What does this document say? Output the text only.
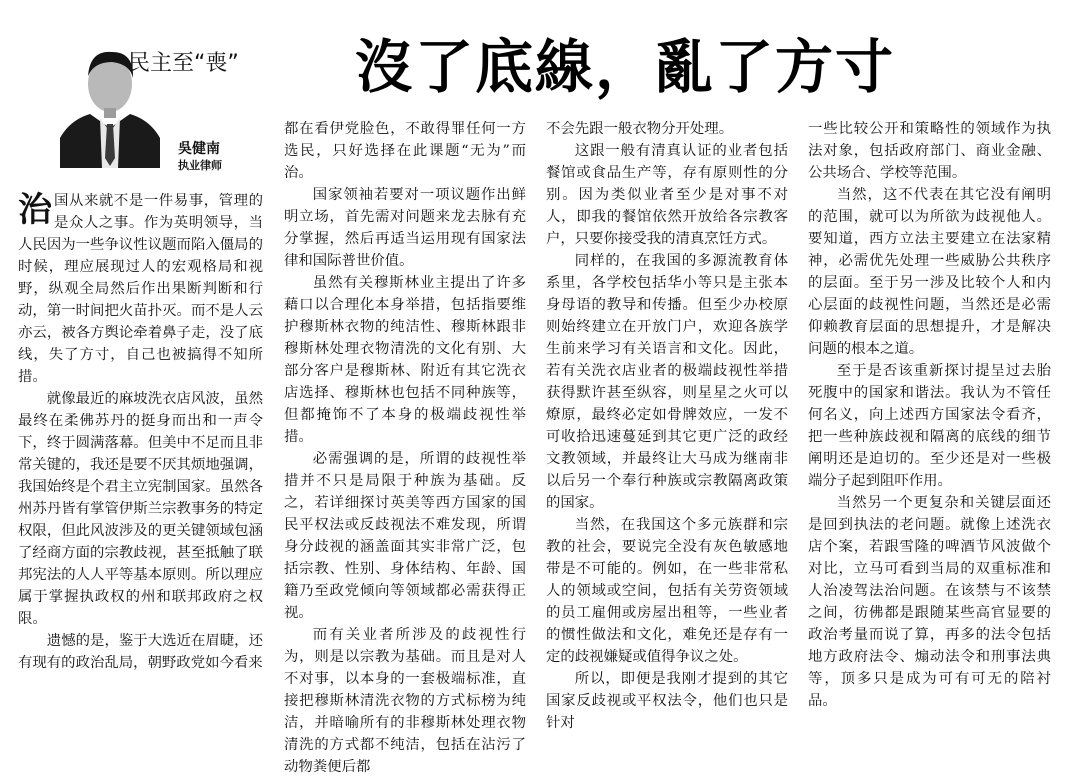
民主至“喪”
吳健南
执业律师
沒了底線，亂了方寸

治国从来就不是一件易事，管理的是众人之事。作为英明领导，当人民因为一些争议性议题而陷入僵局的时候，理应展现过人的宏观格局和视野，纵观全局然后作出果断判断和行动，第一时间把火苗扑灭。而不是人云亦云，被各方舆论牵着鼻子走，没了底线，失了方寸，自己也被搞得不知所措。

就像最近的麻坡洗衣店风波，虽然最终在柔佛苏丹的挺身而出和一声令下，终于圆满落幕。但美中不足而且非常关键的，我还是要不厌其烦地强调，我国始终是个君主立宪制国家。虽然各州苏丹皆有掌管伊斯兰宗教事务的特定权限，但此风波涉及的更关键领域包涵了经商方面的宗教歧视，甚至抵触了联邦宪法的人人平等基本原则。所以理应属于掌握执政权的州和联邦政府之权限。

遗憾的是，鉴于大选近在眉睫，还有现有的政治乱局，朝野政党如今看来

都在看伊党脸色，不敢得罪任何一方选民，只好选择在此课题“无为”而治。

国家领袖若要对一项议题作出鲜明立场，首先需对问题来龙去脉有充分掌握，然后再适当运用现有国家法律和国际普世价值。

虽然有关穆斯林业主提出了许多藉口以合理化本身举措，包括指要维护穆斯林衣物的纯洁性、穆斯林跟非穆斯林处理衣物清洗的文化有别、大部分客户是穆斯林、附近有其它洗衣店选择、穆斯林也包括不同种族等，但都掩饰不了本身的极端歧视性举措。

必需强调的是，所谓的歧视性举措并不只是局限于种族为基础。反之，若详细探讨英美等西方国家的国民平权法或反歧视法不难发现，所谓身分歧视的涵盖面其实非常广泛，包括宗教、性别、身体结构、年龄、国籍乃至政党倾向等领域都必需获得正视。

而有关业者所涉及的歧视性行为，则是以宗教为基础。而且是对人不对事，以本身的一套极端标准，直接把穆斯林清洗衣物的方式标榜为纯洁，并暗喻所有的非穆斯林处理衣物清洗的方式都不纯洁，包括在沾污了动物粪便后都

不会先跟一般衣物分开处理。

这跟一般有清真认证的业者包括餐馆或食品生产等，存有原则性的分别。因为类似业者至少是对事不对人，即我的餐馆依然开放给各宗教客户，只要你接受我的清真烹饪方式。

同样的，在我国的多源流教育体系里，各学校包括华小等只是主张本身母语的教导和传播。但至少办校原则始终建立在开放门户，欢迎各族学生前来学习有关语言和文化。因此，若有关洗衣店业者的极端歧视性举措获得默许甚至纵容，则星星之火可以燎原，最终必定如骨牌效应，一发不可收拾迅速蔓延到其它更广泛的政经文教领域，并最终让大马成为继南非以后另一个奉行种族或宗教隔离政策的国家。

当然，在我国这个多元族群和宗教的社会，要说完全没有灰色敏感地带是不可能的。例如，在一些非常私人的领域或空间，包括有关劳资领域的员工雇佣或房屋出租等，一些业者的惯性做法和文化，难免还是存有一定的歧视嫌疑或值得争议之处。

所以，即便是我刚才提到的其它国家反歧视或平权法令，他们也只是针对

一些比较公开和策略性的领域作为执法对象，包括政府部门、商业金融、公共场合、学校等范围。

当然，这不代表在其它没有阐明的范围，就可以为所欲为歧视他人。要知道，西方立法主要建立在法家精神，必需优先处理一些威胁公共秩序的层面。至于另一涉及比较个人和内心层面的歧视性问题，当然还是必需仰赖教育层面的思想提升，才是解决问题的根本之道。

至于是否该重新探讨提呈过去胎死腹中的国家和谐法。我认为不管任何名义，向上述西方国家法令看齐，把一些种族歧视和隔离的底线的细节阐明还是迫切的。至少还是对一些极端分子起到阻吓作用。

当然另一个更复杂和关键层面还是回到执法的老问题。就像上述洗衣店个案，若跟雪隆的啤酒节风波做个对比，立马可看到当局的双重标准和人治凌驾法治问题。在该禁与不该禁之间，彷佛都是跟随某些高官显要的政治考量而说了算，再多的法令包括地方政府法令、煽动法令和刑事法典等，顶多只是成为可有可无的陪衬品。
